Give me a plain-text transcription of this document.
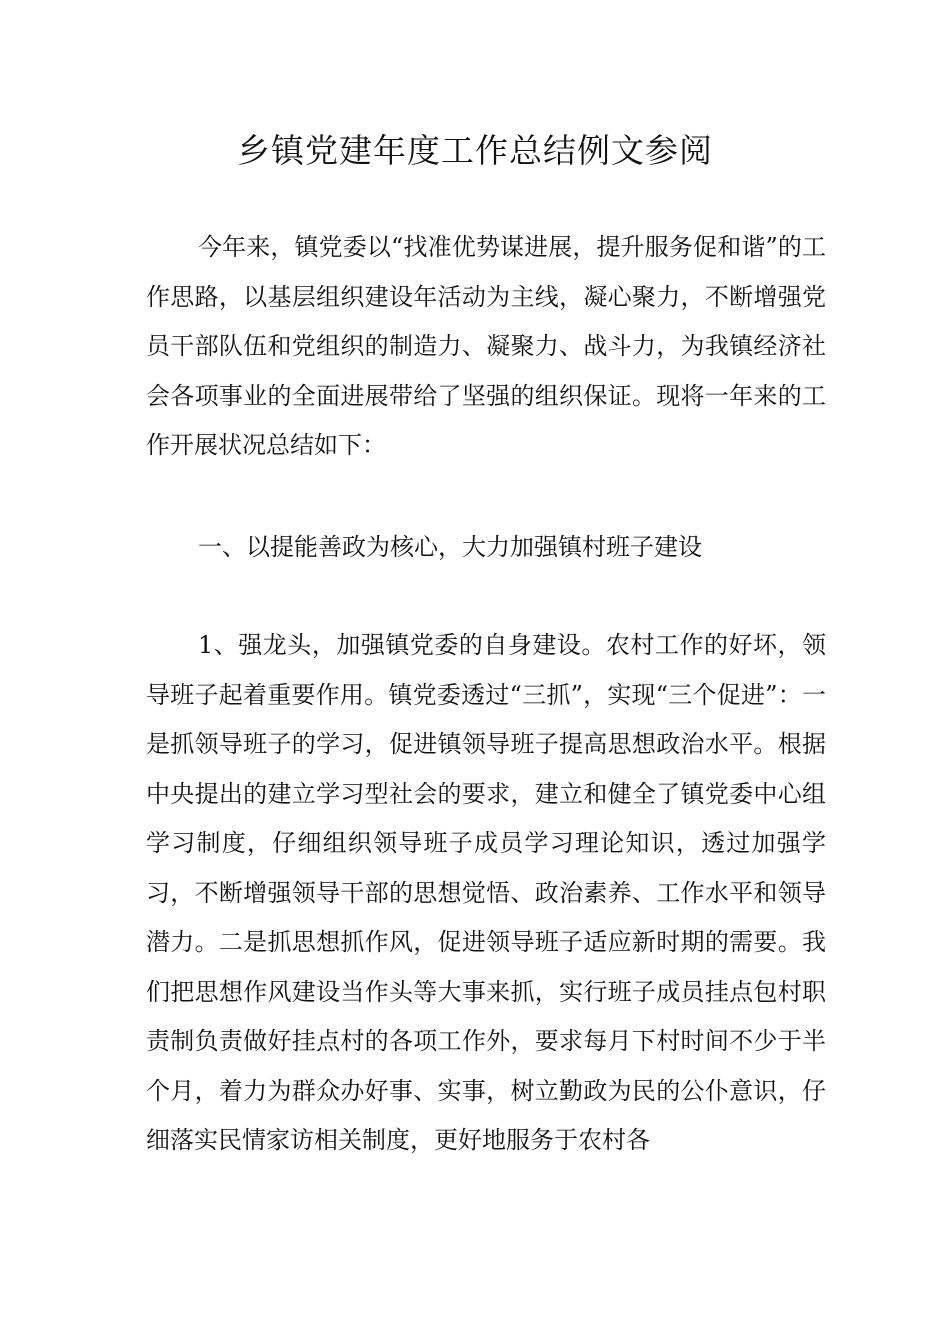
乡镇党建年度工作总结例文参阅

今年来，镇党委以“找准优势谋进展，提升服务促和谐”的工作思路，以基层组织建设年活动为主线，凝心聚力，不断增强党员干部队伍和党组织的制造力、凝聚力、战斗力，为我镇经济社会各项事业的全面进展带给了坚强的组织保证。现将一年来的工作开展状况总结如下：

一、以提能善政为核心，大力加强镇村班子建设

1、强龙头，加强镇党委的自身建设。农村工作的好坏，领导班子起着重要作用。镇党委透过“三抓”，实现“三个促进”：一是抓领导班子的学习，促进镇领导班子提高思想政治水平。根据中央提出的建立学习型社会的要求，建立和健全了镇党委中心组学习制度，仔细组织领导班子成员学习理论知识，透过加强学习，不断增强领导干部的思想觉悟、政治素养、工作水平和领导潜力。二是抓思想抓作风，促进领导班子适应新时期的需要。我们把思想作风建设当作头等大事来抓，实行班子成员挂点包村职责制负责做好挂点村的各项工作外，要求每月下村时间不少于半个月，着力为群众办好事、实事，树立勤政为民的公仆意识，仔细落实民情家访相关制度，更好地服务于农村各
